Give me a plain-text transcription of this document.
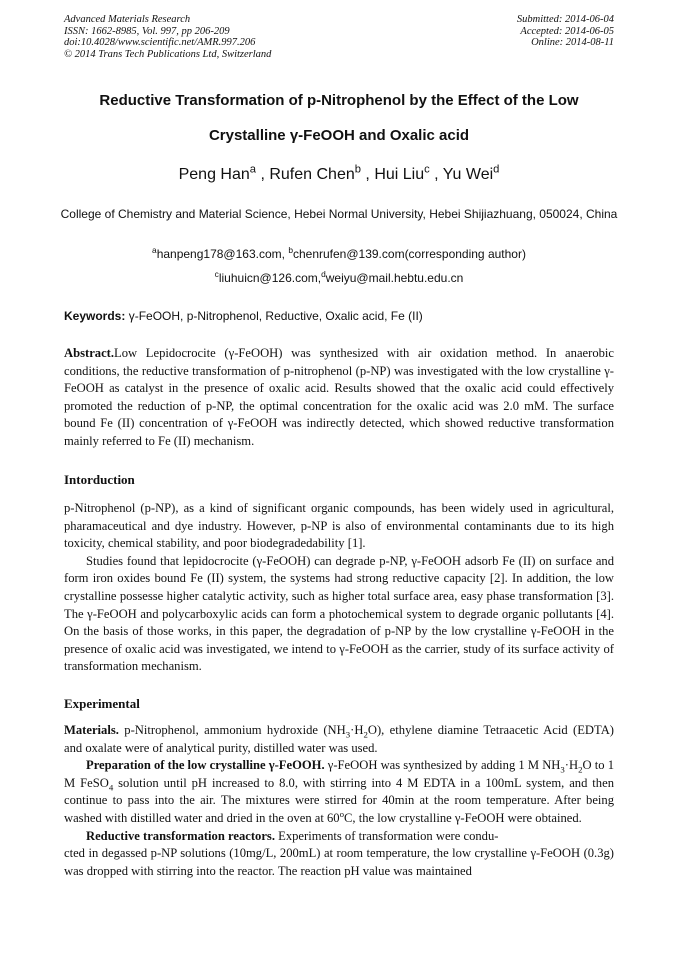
Advanced Materials Research
ISSN: 1662-8985, Vol. 997, pp 206-209
doi:10.4028/www.scientific.net/AMR.997.206
© 2014 Trans Tech Publications Ltd, Switzerland
Submitted: 2014-06-04
Accepted: 2014-06-05
Online: 2014-08-11
Reductive Transformation of p-Nitrophenol by the Effect of the Low
Crystalline γ-FeOOH and Oxalic acid
Peng Han$^a$ , Rufen Chen$^b$ , Hui Liu$^c$ , Yu Wei$^d$
College of Chemistry and Material Science, Hebei Normal University, Hebei Shijiazhuang, 050024, China
$^a$hanpeng178@163.com, $^b$chenrufen@139.com(corresponding author)
$^c$liuhuicn@126.com,$^d$weiyu@mail.hebtu.edu.cn
Keywords: γ-FeOOH, p-Nitrophenol, Reductive, Oxalic acid, Fe (II)

Abstract.Low Lepidocrocite (γ-FeOOH) was synthesized with air oxidation method. In anaerobic conditions, the reductive transformation of p-nitrophenol (p-NP) was investigated with the low crystalline γ-FeOOH as catalyst in the presence of oxalic acid. Results showed that the oxalic acid could effectively promoted the reduction of p-NP, the optimal concentration for the oxalic acid was 2.0 mM. The surface bound Fe (II) concentration of γ-FeOOH was indirectly detected, which showed reductive transformation mainly referred to Fe (II) mechanism.

Intorduction

p-Nitrophenol (p-NP), as a kind of significant organic compounds, has been widely used in agricultural, pharamaceutical and dye industry. However, p-NP is also of environmental contaminants due to its high toxicity, chemical stability, and poor biodegradedability [1].

Studies found that lepidocrocite (γ-FeOOH) can degrade p-NP, γ-FeOOH adsorb Fe (II) on surface and form iron oxides bound Fe (II) system, the systems had strong reductive capacity [2]. In addition, the low crystalline possesse higher catalytic activity, such as higher total surface area, easy phase transformation [3]. The γ-FeOOH and polycarboxylic acids can form a photochemical system to degrade organic pollutants [4]. On the basis of those works, in this paper, the degradation of p-NP by the low crystalline γ-FeOOH in the presence of oxalic acid was investigated, we intend to γ-FeOOH as the carrier, study of its surface activity of transformation mechanism.

Experimental

Materials. p-Nitrophenol, ammonium hydroxide $(NH_3\cdot H_2O)$, ethylene diamine Tetraacetic Acid (EDTA) and oxalate were of analytical purity, distilled water was used.

Preparation of the low crystalline γ-FeOOH. γ-FeOOH was synthesized by adding 1 M $NH_3\cdot H_2O$ to 1 M FeSO$_4$ solution until pH increased to 8.0, with stirring into 4 M EDTA in a 100mL system, and then continue to pass into the air. The mixtures were stirred for 40min at the room temperature. After being washed with distilled water and dried in the oven at 60$^o$C, the low crystalline γ-FeOOH were obtained.

Reductive transformation reactors. Experiments of transformation were condu-

cted in degassed p-NP solutions (10mg/L, 200mL) at room temperature, the low crystalline γ-FeOOH (0.3g) was dropped with stirring into the reactor. The reaction pH value was maintained
